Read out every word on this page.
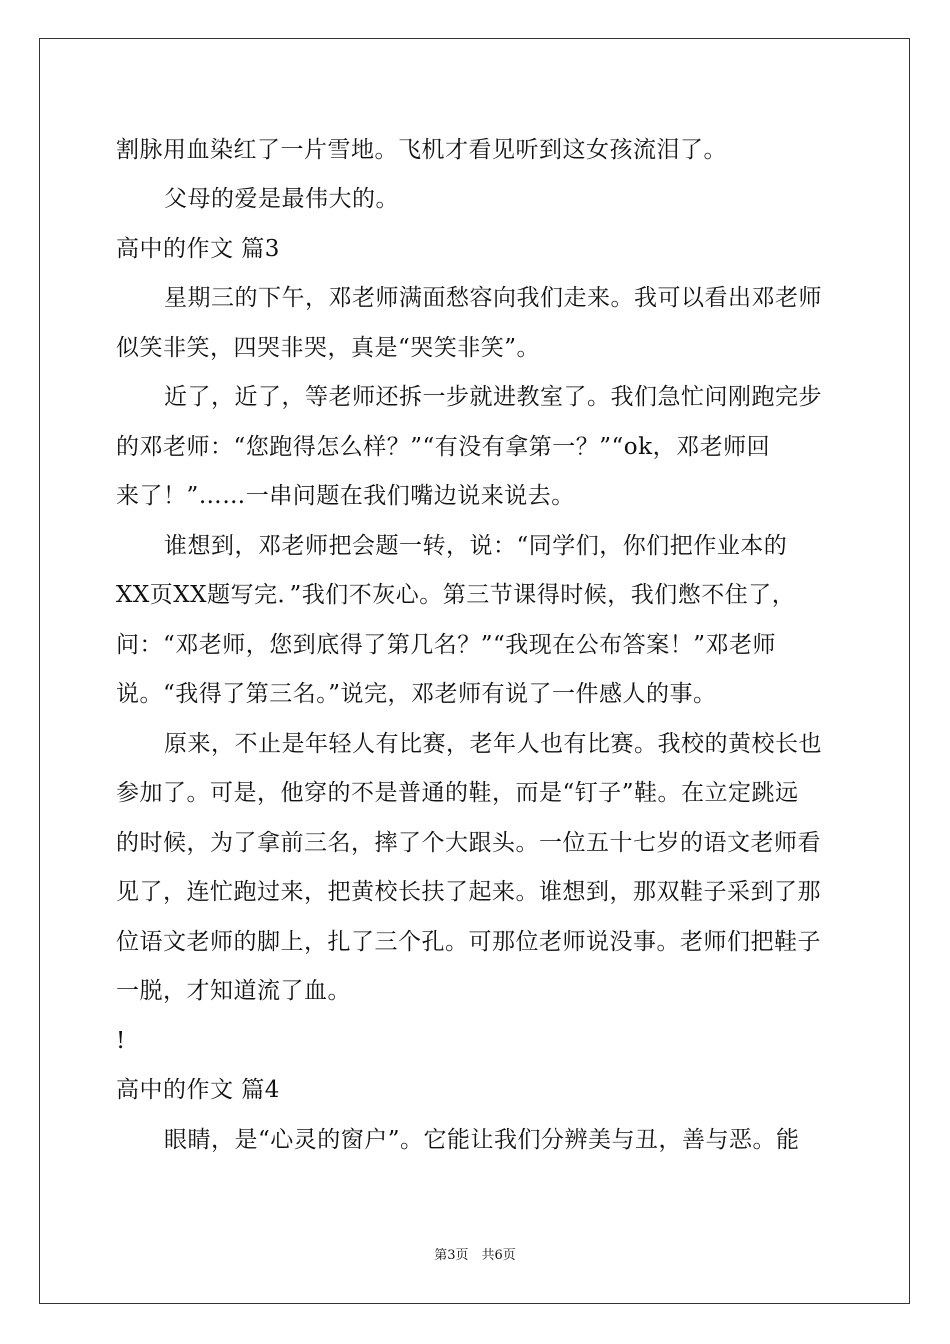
割脉用血染红了一片雪地。飞机才看见听到这女孩流泪了。
父母的爱是最伟大的。
高中的作文 篇3
星期三的下午，邓老师满面愁容向我们走来。我可以看出邓老师
似笑非笑，四哭非哭，真是“哭笑非笑”。
近了，近了，等老师还拆一步就进教室了。我们急忙问刚跑完步
的邓老师：“您跑得怎么样？”“有没有拿第一？”“ok，邓老师回
来了！”……一串问题在我们嘴边说来说去。
谁想到，邓老师把会题一转，说：“同学们，你们把作业本的
XX页XX题写完．”我们不灰心。第三节课得时候，我们憋不住了，
问：“邓老师，您到底得了第几名？”“我现在公布答案！”邓老师
说。“我得了第三名。”说完，邓老师有说了一件感人的事。
原来，不止是年轻人有比赛，老年人也有比赛。我校的黄校长也
参加了。可是，他穿的不是普通的鞋，而是“钉子”鞋。在立定跳远
的时候，为了拿前三名，摔了个大跟头。一位五十七岁的语文老师看
见了，连忙跑过来，把黄校长扶了起来。谁想到，那双鞋子采到了那
位语文老师的脚上，扎了三个孔。可那位老师说没事。老师们把鞋子
一脱，才知道流了血。
!
高中的作文 篇4
眼睛，是“心灵的窗户”。它能让我们分辨美与丑，善与恶。能
第3页　共6页
